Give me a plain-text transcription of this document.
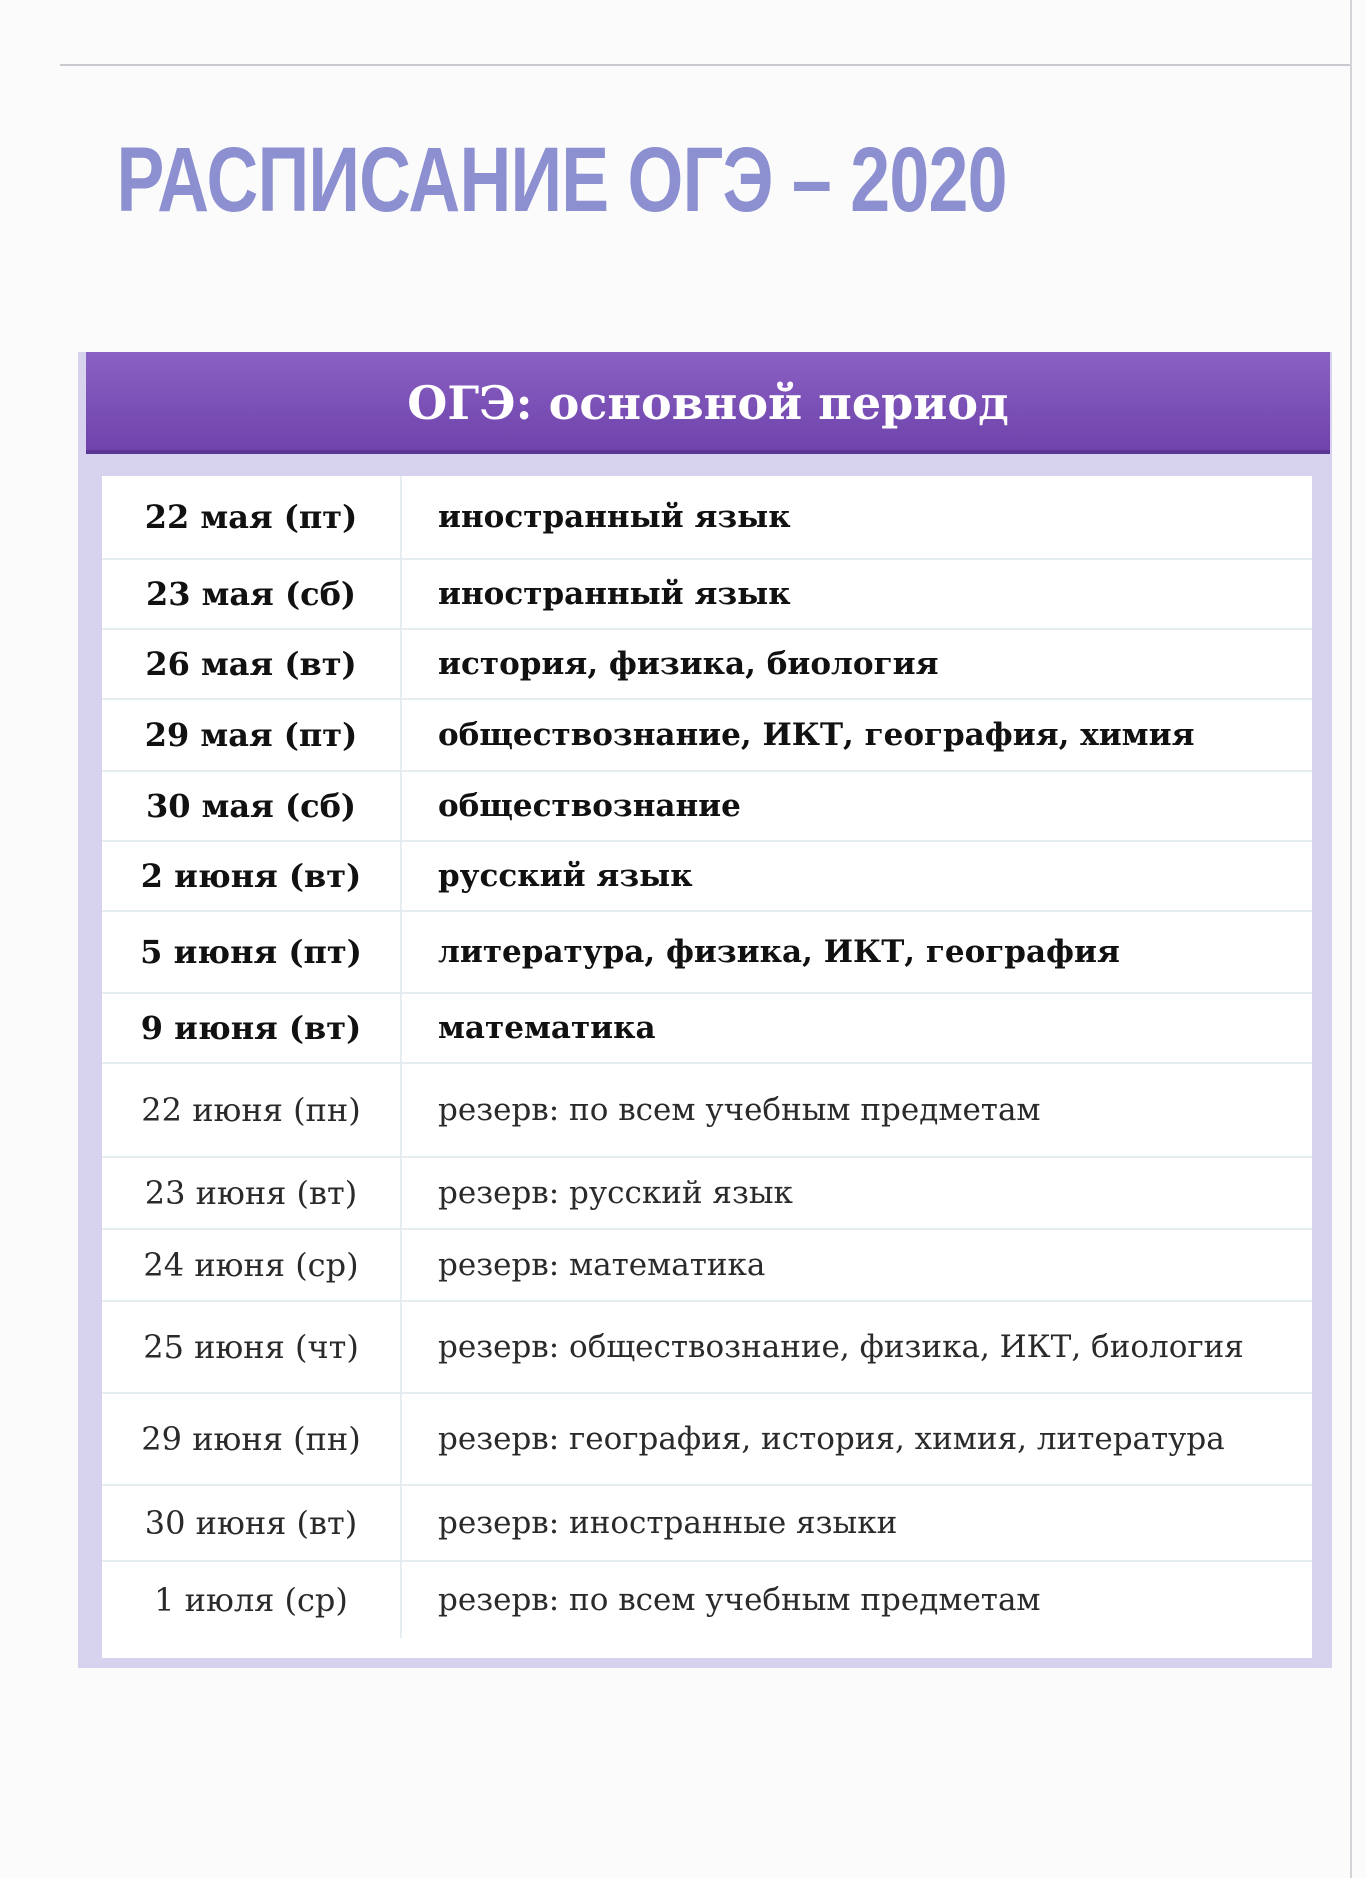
РАСПИСАНИЕ ОГЭ – 2020
ОГЭ: основной период
22 мая (пт)	иностранный язык
23 мая (сб)	иностранный язык
26 мая (вт)	история, физика, биология
29 мая (пт)	обществознание, ИКТ, география, химия
30 мая (сб)	обществознание
2 июня (вт)	русский язык
5 июня (пт)	литература, физика, ИКТ, география
9 июня (вт)	математика
22 июня (пн)	резерв: по всем учебным предметам
23 июня (вт)	резерв: русский язык
24 июня (ср)	резерв: математика
25 июня (чт)	резерв: обществознание, физика, ИКТ, биология
29 июня (пн)	резерв: география, история, химия, литература
30 июня (вт)	резерв: иностранные языки
1 июля (ср)	резерв: по всем учебным предметам
